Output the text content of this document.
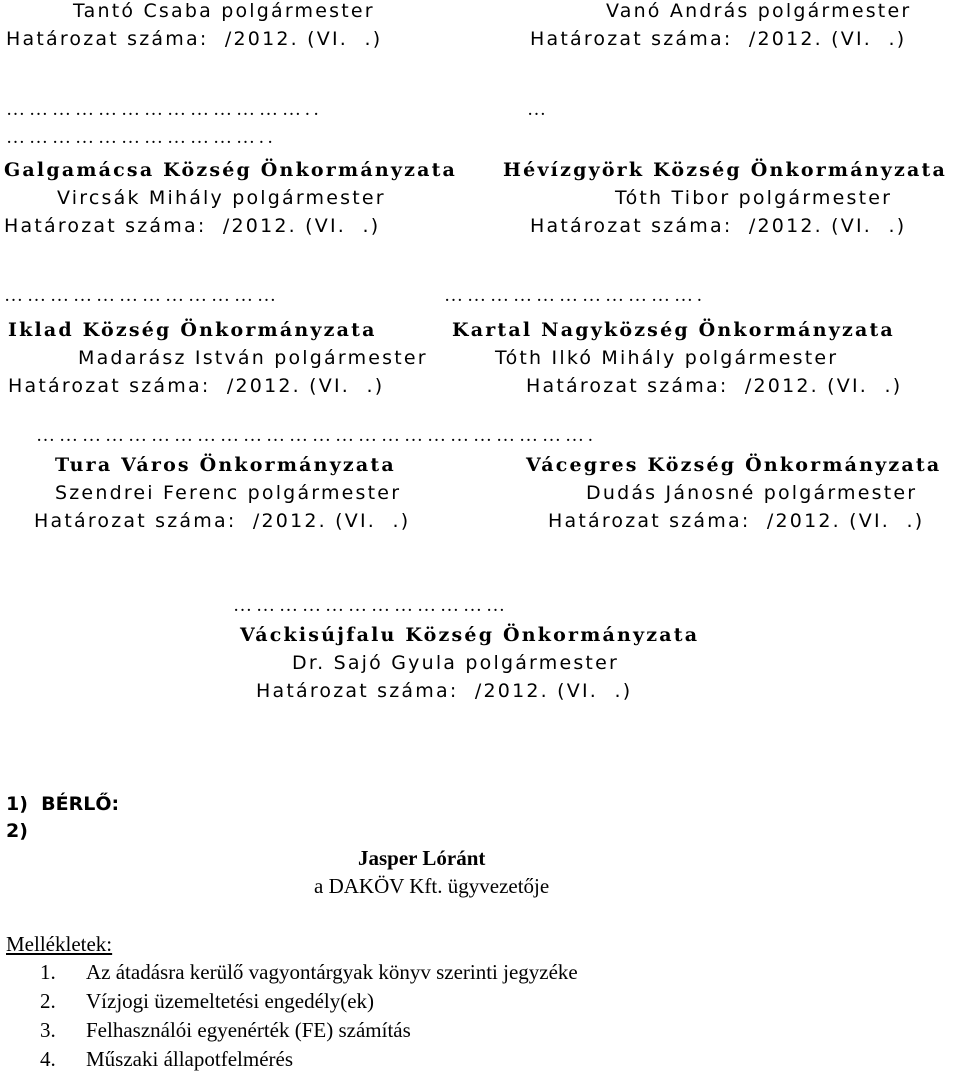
Tantó Csaba polgármester
Határozat száma:  /2012. (VI.  .)
Vanó András polgármester
Határozat száma:  /2012. (VI.  .)
…………………………………..
……………………………..
Galgamácsa Község Önkormányzata
Vircsák Mihály polgármester
Határozat száma:  /2012. (VI.  .)
…
Hévízgyörk Község Önkormányzata
Tóth Tibor polgármester
Határozat száma:  /2012. (VI.  .)
………………………………
Iklad Község Önkormányzata
Madarász István polgármester
Határozat száma:  /2012. (VI.  .)
…………………………….
Kartal Nagyközség Önkormányzata
Tóth Ilkó Mihály polgármester
Határozat száma:  /2012. (VI.  .)
……………………………………………………………….
Tura Város Önkormányzata
Szendrei Ferenc polgármester
Határozat száma:  /2012. (VI.  .)
Vácegres Község Önkormányzata
Dudás Jánosné polgármester
Határozat száma:  /2012. (VI.  .)
………………………………
Váckisújfalu Község Önkormányzata
Dr. Sajó Gyula polgármester
Határozat száma:  /2012. (VI.  .)
1)  BÉRLŐ:
2)
Jasper Lóránt
a DAKÖV Kft. ügyvezetője
Mellékletek:
1. Az átadásra kerülő vagyontárgyak könyv szerinti jegyzéke
2. Vízjogi üzemeltetési engedély(ek)
3. Felhasználói egyenérték (FE) számítás
4. Műszaki állapotfelmérés
